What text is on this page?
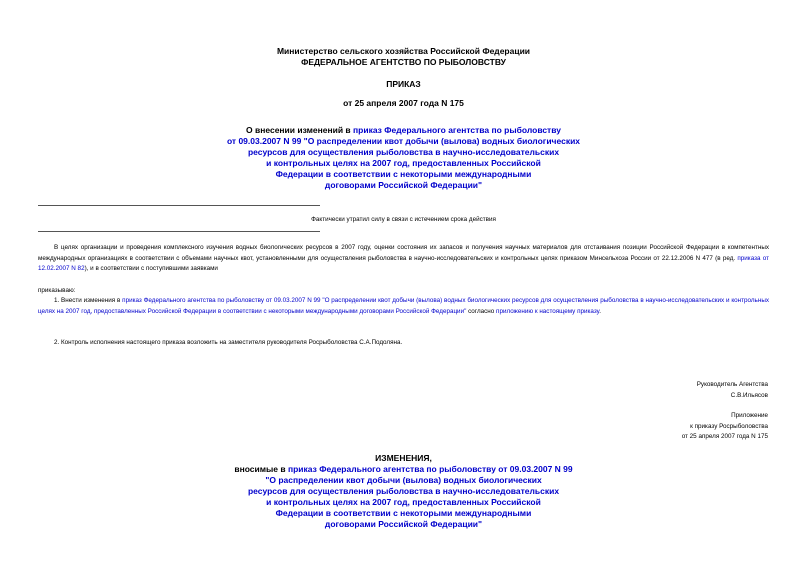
Министерство сельского хозяйства Российской Федерации
ФЕДЕРАЛЬНОЕ АГЕНТСТВО ПО РЫБОЛОВСТВУ
ПРИКАЗ
от 25 апреля 2007 года N 175
О внесении изменений в приказ Федерального агентства по рыболовству
от 09.03.2007 N 99 "О распределении квот добычи (вылова) водных биологических
ресурсов для осуществления рыболовства в научно-исследовательских
и контрольных целях на 2007 год, предоставленных Российской
Федерации в соответствии с некоторыми международными
договорами Российской Федерации"
Фактически утратил силу в связи с истечением срока действия
В целях организации и проведения комплексного изучения водных биологических ресурсов в 2007 году, оценки состояния их запасов и получения научных материалов для отстаивания позиции Российской Федерации в компетентных международных организациях в соответствии с объемами научных квот, установленными для осуществления рыболовства в научно-исследовательских и контрольных целях приказом Минсельхоза России от 22.12.2006 N 477 (в ред. приказа от 12.02.2007 N 82), и в соответствии с поступившими заявками
приказываю:
1. Внести изменения в приказ Федерального агентства по рыболовству от 09.03.2007 N 99 "О распределении квот добычи (вылова) водных биологических ресурсов для осуществления рыболовства в научно-исследовательских и контрольных целях на 2007 год, предоставленных Российской Федерации в соответствии с некоторыми международными договорами Российской Федерации" согласно приложению к настоящему приказу.
2. Контроль исполнения настоящего приказа возложить на заместителя руководителя Росрыболовства С.А.Подоляна.
Руководитель Агентства
С.В.Ильясов
Приложение
к приказу Росрыболовства
от 25 апреля 2007 года N 175
ИЗМЕНЕНИЯ,
вносимые в приказ Федерального агентства по рыболовству от 09.03.2007 N 99
"О распределении квот добычи (вылова) водных биологических
ресурсов для осуществления рыболовства в научно-исследовательских
и контрольных целях на 2007 год, предоставленных Российской
Федерации в соответствии с некоторыми международными
договорами Российской Федерации"
